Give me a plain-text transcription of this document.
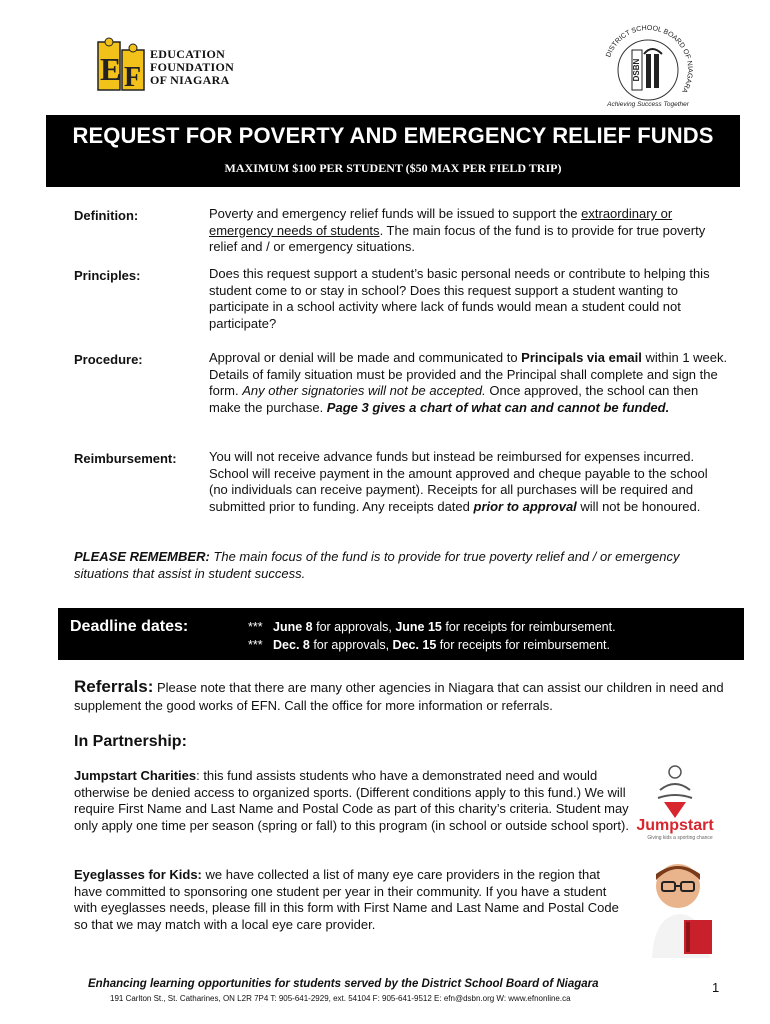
E F
EDUCATION
FOUNDATION
OF NIAGARA
DISTRICT SCHOOL BOARD OF NIAGARA
DSBN
Achieving Success Together
REQUEST FOR POVERTY AND EMERGENCY RELIEF FUNDS
MAXIMUM $100 PER STUDENT ($50 MAX PER FIELD TRIP)
Definition:	Poverty and emergency relief funds will be issued to support the extraordinary or emergency needs of students. The main focus of the fund is to provide for true poverty relief and / or emergency situations.
Principles:	Does this request support a student’s basic personal needs or contribute to helping this student come to or stay in school? Does this request support a student wanting to participate in a school activity where lack of funds would mean a student could not participate?
Procedure:	Approval or denial will be made and communicated to Principals via email within 1 week. Details of family situation must be provided and the Principal shall complete and sign the form. Any other signatories will not be accepted. Once approved, the school can then make the purchase. Page 3 gives a chart of what can and cannot be funded.
Reimbursement: You will not receive advance funds but instead be reimbursed for expenses incurred. School will receive payment in the amount approved and cheque payable to the school (no individuals can receive payment). Receipts for all purchases will be required and submitted prior to funding. Any receipts dated prior to approval will not be honoured.
PLEASE REMEMBER: The main focus of the fund is to provide for true poverty relief and / or emergency situations that assist in student success.
Deadline dates:	*** June 8 for approvals, June 15 for receipts for reimbursement.
*** Dec. 8 for approvals, Dec. 15 for receipts for reimbursement.
Referrals: Please note that there are many other agencies in Niagara that can assist our children in need and supplement the good works of EFN. Call the office for more information or referrals.
In Partnership:
Jumpstart Charities: this fund assists students who have a demonstrated need and would otherwise be denied access to organized sports. (Different conditions apply to this fund.) We will require First Name and Last Name and Postal Code as part of this charity’s criteria. Student may only apply one time per season (spring or fall) to this program (in school or outside school sport). Jumpstart
Giving kids a sporting chance
Eyeglasses for Kids: we have collected a list of many eye care providers in the region that have committed to sponsoring one student per year in their community. If you have a student with eyeglasses needs, please fill in this form with First Name and Last Name and Postal Code so that we may match with a local eye care provider.
Enhancing learning opportunities for students served by the District School Board of Niagara
191 Carlton St., St. Catharines, ON L2R 7P4 T: 905-641-2929, ext. 54104 F: 905-641-9512 E: efn@dsbn.org W: www.efnonline.ca
1
